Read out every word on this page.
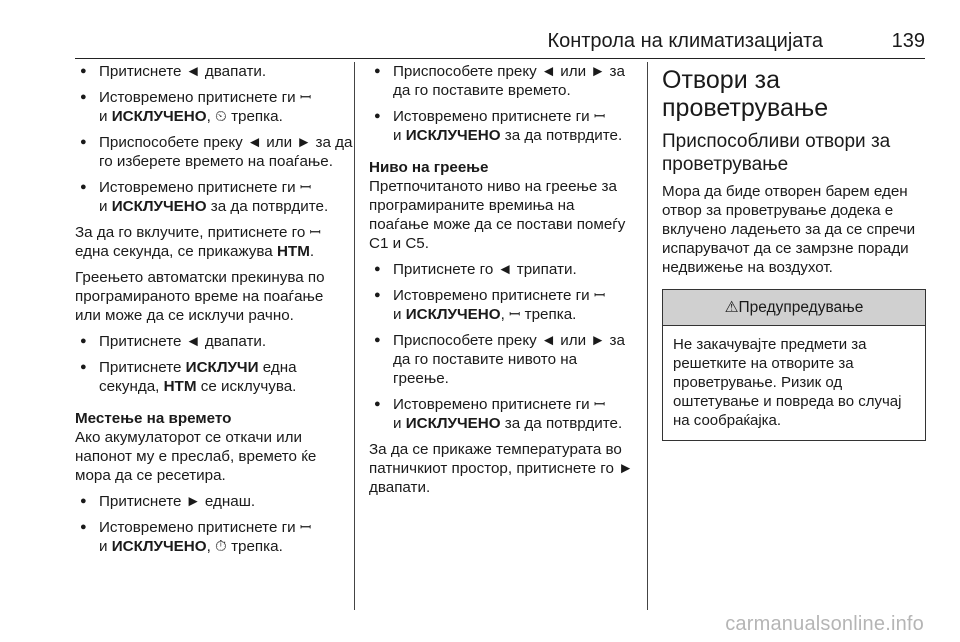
Контрола на климатизацијата	139
● Притиснете ◄ двапати.
● Истовремено притиснете ги ꟷ
и ИСКЛУЧЕНО, ⏲ трепка.
● Приспособете преку ◄ или ► за да го изберете времето на поаѓање.
● Истовремено притиснете ги ꟷ
и ИСКЛУЧЕНО за да потврдите.

За да го вклучите, притиснете го ꟷ една секунда, се прикажува HTM.

Греењето автоматски прекинува по програмираното време на поаѓање или може да се исклучи рачно.

● Притиснете ◄ двапати.
● Притиснете ИСКЛУЧИ една секунда, HTM се исклучува.
Местење на времето

Ако акумулаторот се откачи или напонот му е преслаб, времето ќе мора да се ресетира.

● Притиснете ► еднаш.
● Истовремено притиснете ги ꟷ
и ИСКЛУЧЕНО, ⏱ трепка.
● Приспособете преку ◄ или ► за да го поставите времето.
● Истовремено притиснете ги ꟷ
и ИСКЛУЧЕНО за да потврдите.
Ниво на греење

Претпочитаното ниво на греење за програмираните времиња на поаѓање може да се постави помеѓу C1 и C5.

● Притиснете го ◄ трипати.
● Истовремено притиснете ги ꟷ
и ИСКЛУЧЕНО, ꟷ трепка.
● Приспособете преку ◄ или ► за да го поставите нивото на греење.
● Истовремено притиснете ги ꟷ
и ИСКЛУЧЕНО за да потврдите.

За да се прикаже температурата во патничкиот простор, притиснете го ► двапати.

Отвори за проветрување
Приспособливи отвори за проветрување

Мора да биде отворен барем еден отвор за проветрување додека е вклучено ладењето за да се спречи испарувачот да се замрзне поради недвижење на воздухот.

⚠Предупредување
Не закачувајте предмети за решетките на отворите за проветрување. Ризик од оштетување и повреда во случај на сообраќајка.
carmanualsonline.info
